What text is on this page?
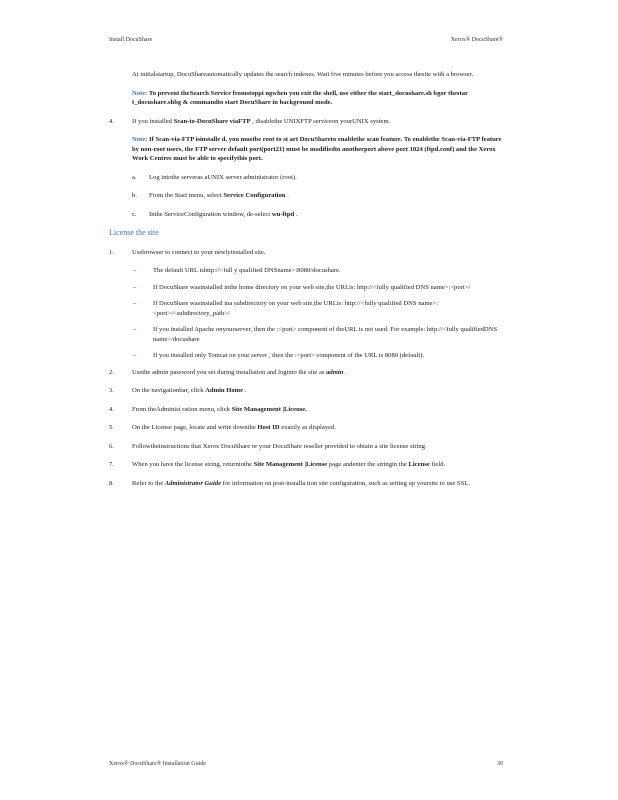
Install DocuShare	Xerox® DocuShare®
At initialstartup, DocuShareautomatically updates the search indexes. Wait five minutes before you access thesite with a browser.
Note: To prevent theSearch Service fromstoppi ngwhen you exit the shell, use either the start_docushare.sh bgor thestar t_docushare.shbg & commandto start DocuShare in background mode.
4.	If you installed Scan-to-DocuShare viaFTP , disablethe UNIXFTP serviceon yourUNIX system.
Note: If Scan-via-FTP isinstalle d, you mustbe root to st art DocuShareto enablethe scan feature. To enablethe Scan-via-FTP feature by non-root users, the FTP server default port(port21) must be modifiedto anotherport above port 1024 (ftpd.conf) and the Xerox Work Centres must be able to specifythis port.
a. Log intothe serveras aUNIX server administrator (root).
b. From the Start menu, select Service Configuration .
c. Inthe ServiceConfiguration window, de-select wu-ftpd .
License the site
1.	Usebrowser to connect to your newlyinstalled site.
–	The default URL ishttp://<full y qualified DNSname>:8080/docushare.
–	If DocuShare wasinstalled inthe home directory on your web site,the URLis: http://<fully qualified DNS name>:<port>/
–	If DocuShare wasinstalled ina subdirectory on your web site,the URLis: http://<fully qualified DNS name>:<port>/<subdirectory_path>/
–	If you installed Apache onyourserver, then the :<port> component of theURL is not used. For example: http://<fully qualifiedDNS name>/docushare
–	If you installed only Tomcat on your server , then the :<port> component of the URL is 8080 (default).
2.	Usethe admin password you set during installation and loginto the site as admin .
3.	On the navigationbar, click Admin Home .
4.	From theAdminist ration menu, click Site Management |License.
5.	On the License page, locate and write downthe Host ID exactly as displayed.
6.	Followtheinstructions that Xerox DocuShare or your DocuShare reseller provided to obtain a site license string.
7.	When you have the license string, returntothe Site Management |License page andenter the stringin the License field.
8.	Refer to the Administrator Guide for information on post-installa tion site configuration, such as setting up yoursite to use SSL.
Xerox® DocuShare® Installation Guide	30
